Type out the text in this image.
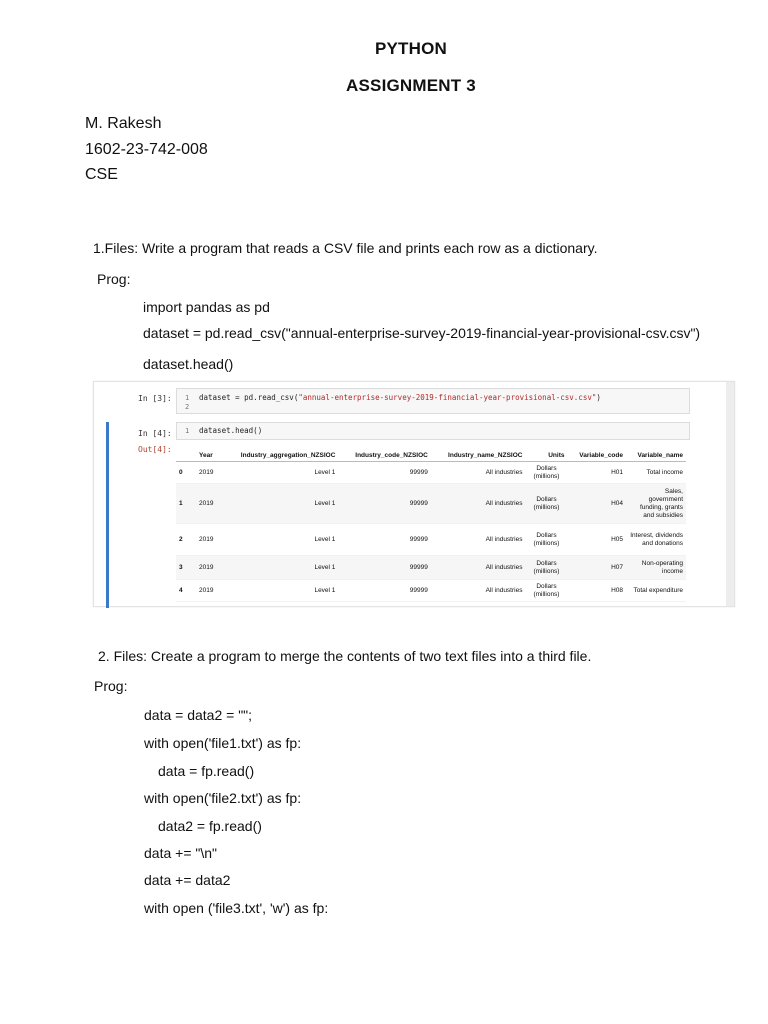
PYTHON
ASSIGNMENT 3
M. Rakesh
1602-23-742-008
CSE
1.Files: Write a program that reads a CSV file and prints each row as a dictionary.
Prog:
import pandas as pd
dataset = pd.read_csv("annual-enterprise-survey-2019-financial-year-provisional-csv.csv")
dataset.head()
In [3]: 1
2
dataset = pd.read_csv("annual-enterprise-survey-2019-financial-year-provisional-csv.csv")
In [4]: 1 dataset.head()
Out[4]:
	Year	Industry_aggregation_NZSIOC	Industry_code_NZSIOC	Industry_name_NZSIOC	Units	Variable_code	Variable_name
0	2019	Level 1	99999	All industries	Dollars (millions)	H01	Total income
1	2019	Level 1	99999	All industries	Dollars (millions)	H04	Sales, government funding, grants and subsidies
2	2019	Level 1	99999	All industries	Dollars (millions)	H05	Interest, dividends and donations
3	2019	Level 1	99999	All industries	Dollars (millions)	H07	Non-operating income
4	2019	Level 1	99999	All industries	Dollars (millions)	H08	Total expenditure
2. Files: Create a program to merge the contents of two text files into a third file.
Prog:
data = data2 = "";
with open('file1.txt') as fp:
data = fp.read()
with open('file2.txt') as fp:
data2 = fp.read()
data += "\n"
data += data2
with open ('file3.txt', 'w') as fp:
